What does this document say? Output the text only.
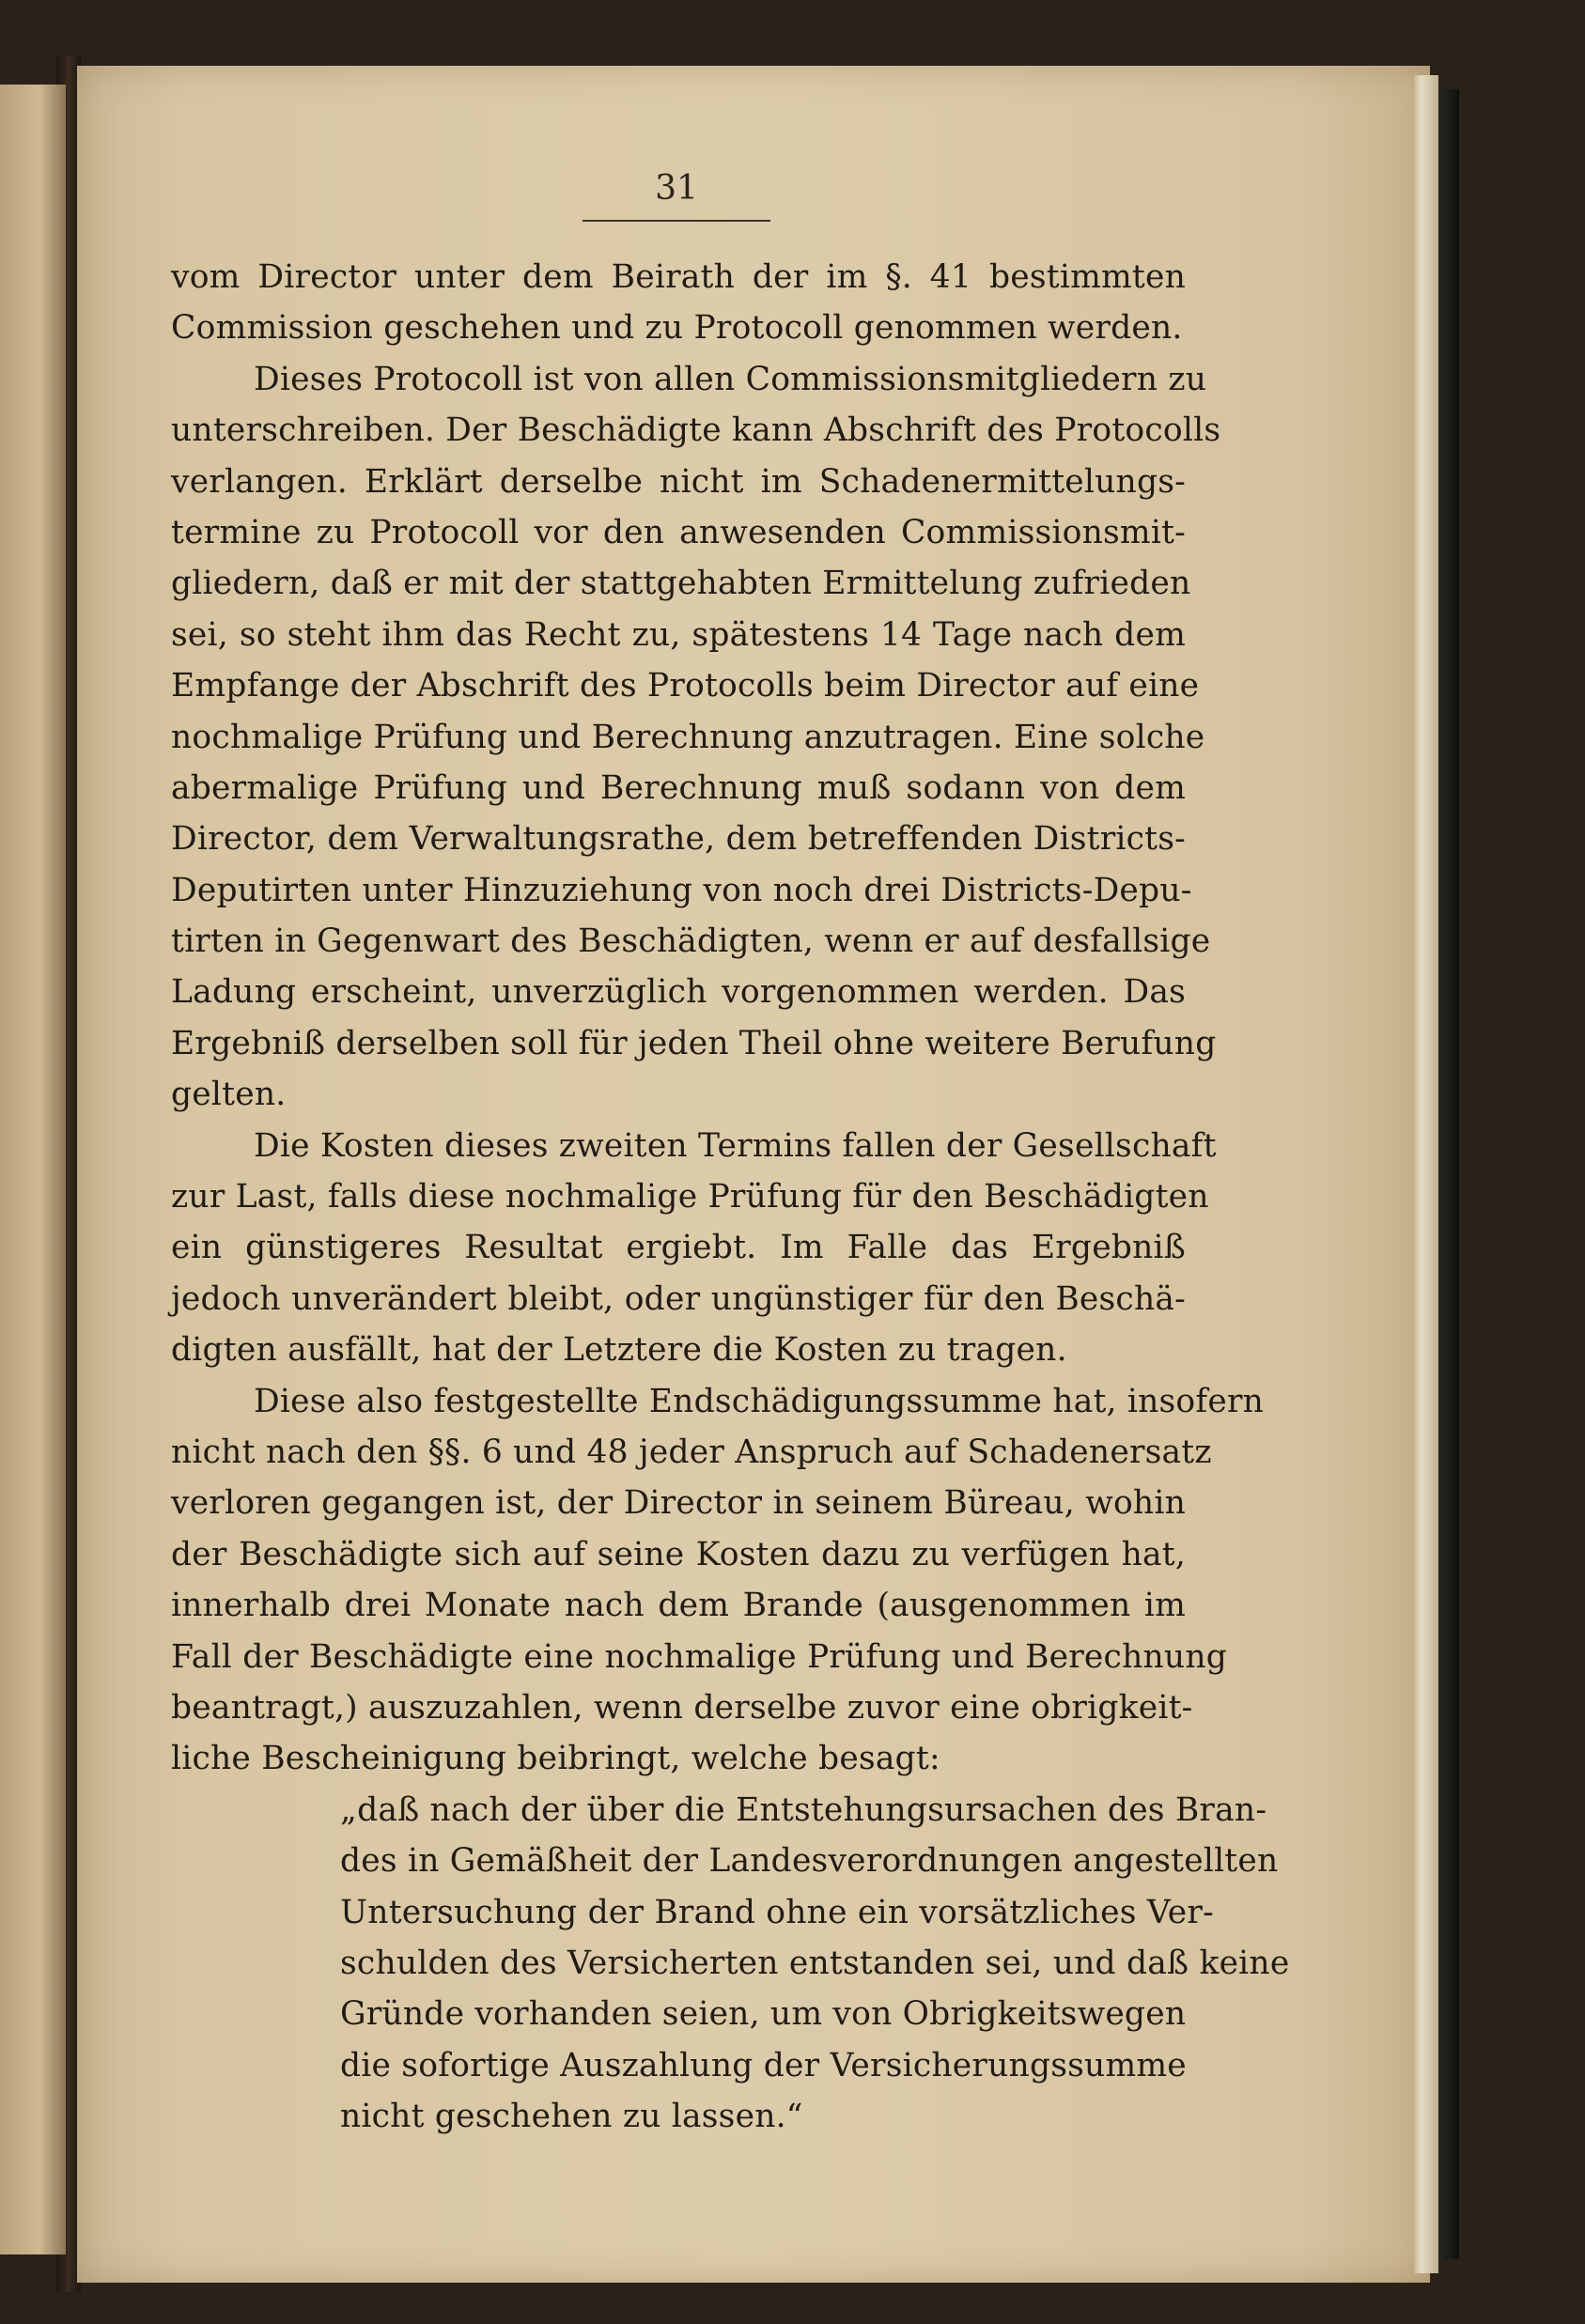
31
vom Director unter dem Beirath der im §. 41 bestimmten
Commission geschehen und zu Protocoll genommen werden.
Dieses Protocoll ist von allen Commissionsmitgliedern zu
unterschreiben. Der Beschädigte kann Abschrift des Protocolls
verlangen. Erklärt derselbe nicht im Schadenermittelungs-
termine zu Protocoll vor den anwesenden Commissionsmit-
gliedern, daß er mit der stattgehabten Ermittelung zufrieden
sei, so steht ihm das Recht zu, spätestens 14 Tage nach dem
Empfange der Abschrift des Protocolls beim Director auf eine
nochmalige Prüfung und Berechnung anzutragen. Eine solche
abermalige Prüfung und Berechnung muß sodann von dem
Director, dem Verwaltungsrathe, dem betreffenden Districts-
Deputirten unter Hinzuziehung von noch drei Districts-Depu-
tirten in Gegenwart des Beschädigten, wenn er auf desfallsige
Ladung erscheint, unverzüglich vorgenommen werden. Das
Ergebniß derselben soll für jeden Theil ohne weitere Berufung
gelten.
Die Kosten dieses zweiten Termins fallen der Gesellschaft
zur Last, falls diese nochmalige Prüfung für den Beschädigten
ein günstigeres Resultat ergiebt. Im Falle das Ergebniß
jedoch unverändert bleibt, oder ungünstiger für den Beschä-
digten ausfällt, hat der Letztere die Kosten zu tragen.
Diese also festgestellte Endschädigungssumme hat, insofern
nicht nach den §§. 6 und 48 jeder Anspruch auf Schadenersatz
verloren gegangen ist, der Director in seinem Büreau, wohin
der Beschädigte sich auf seine Kosten dazu zu verfügen hat,
innerhalb drei Monate nach dem Brande (ausgenommen im
Fall der Beschädigte eine nochmalige Prüfung und Berechnung
beantragt,) auszuzahlen, wenn derselbe zuvor eine obrigkeit-
liche Bescheinigung beibringt, welche besagt:
„daß nach der über die Entstehungsursachen des Bran-
des in Gemäßheit der Landesverordnungen angestellten
Untersuchung der Brand ohne ein vorsätzliches Ver-
schulden des Versicherten entstanden sei, und daß keine
Gründe vorhanden seien, um von Obrigkeitswegen
die sofortige Auszahlung der Versicherungssumme
nicht geschehen zu lassen.“
